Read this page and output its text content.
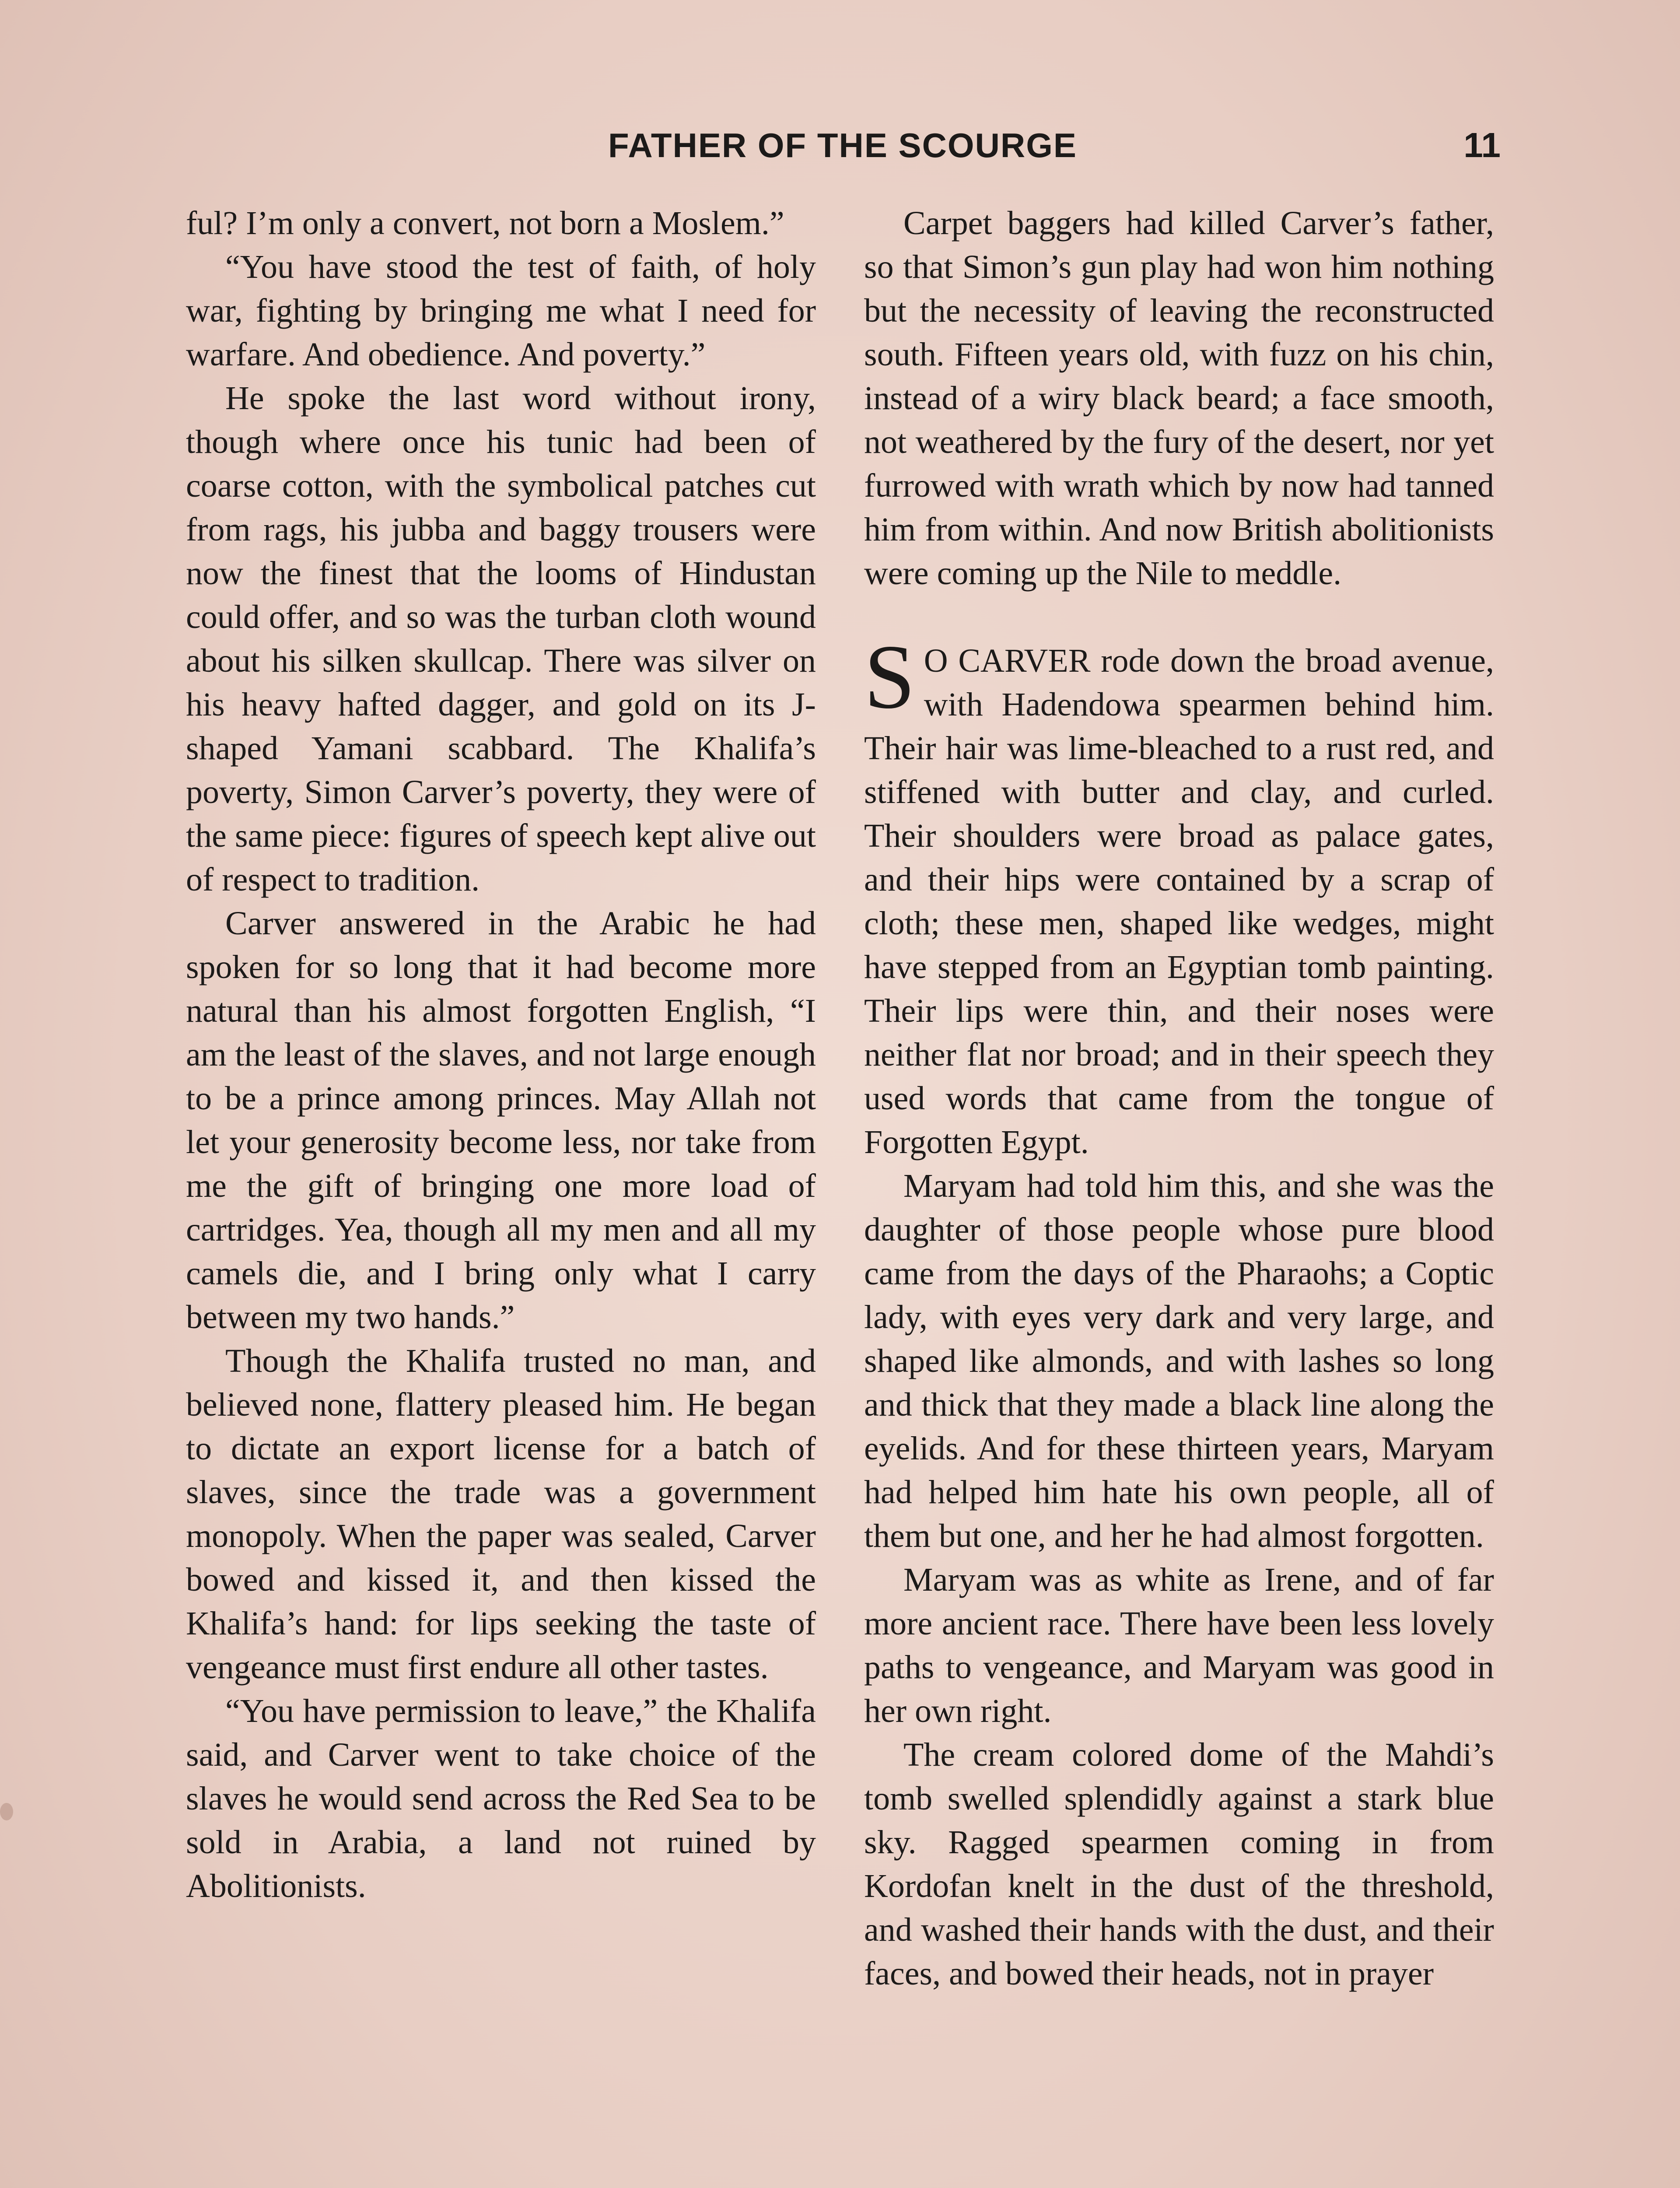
FATHER OF THE SCOURGE	11

ful? I’m only a convert, not born a Moslem.”

“You have stood the test of faith, of holy war, fighting by bringing me what I need for warfare. And obedience. And poverty.”

He spoke the last word without irony, though where once his tunic had been of coarse cotton, with the symbolical patches cut from rags, his jubba and baggy trousers were now the finest that the looms of Hindustan could offer, and so was the turban cloth wound about his silken skullcap. There was silver on his heavy hafted dagger, and gold on its J-shaped Yamani scabbard. The Khalifa’s poverty, Simon Carver’s poverty, they were of the same piece: figures of speech kept alive out of respect to tradition.

Carver answered in the Arabic he had spoken for so long that it had become more natural than his almost forgotten English, “I am the least of the slaves, and not large enough to be a prince among princes. May Allah not let your generosity become less, nor take from me the gift of bringing one more load of cartridges. Yea, though all my men and all my camels die, and I bring only what I carry between my two hands.”

Though the Khalifa trusted no man, and believed none, flattery pleased him. He began to dictate an export license for a batch of slaves, since the trade was a government monopoly. When the paper was sealed, Carver bowed and kissed it, and then kissed the Khalifa’s hand: for lips seeking the taste of vengeance must first endure all other tastes.

“You have permission to leave,” the Khalifa said, and Carver went to take choice of the slaves he would send across the Red Sea to be sold in Arabia, a land not ruined by Abolitionists.

Carpet baggers had killed Carver’s father, so that Simon’s gun play had won him nothing but the necessity of leaving the reconstructed south. Fifteen years old, with fuzz on his chin, instead of a wiry black beard; a face smooth, not weathered by the fury of the desert, nor yet furrowed with wrath which by now had tanned him from within. And now British abolitionists were coming up the Nile to meddle.

S O CARVER rode down the broad avenue, with Hadendowa spearmen behind him. Their hair was lime-bleached to a rust red, and stiffened with butter and clay, and curled. Their shoulders were broad as palace gates, and their hips were contained by a scrap of cloth; these men, shaped like wedges, might have stepped from an Egyptian tomb painting. Their lips were thin, and their noses were neither flat nor broad; and in their speech they used words that came from the tongue of Forgotten Egypt.

Maryam had told him this, and she was the daughter of those people whose pure blood came from the days of the Pharaohs; a Coptic lady, with eyes very dark and very large, and shaped like almonds, and with lashes so long and thick that they made a black line along the eyelids. And for these thirteen years, Maryam had helped him hate his own people, all of them but one, and her he had almost forgotten.

Maryam was as white as Irene, and of far more ancient race. There have been less lovely paths to vengeance, and Maryam was good in her own right.

The cream colored dome of the Mahdi’s tomb swelled splendidly against a stark blue sky. Ragged spearmen coming in from Kordofan knelt in the dust of the threshold, and washed their hands with the dust, and their faces, and bowed their heads, not in prayer
